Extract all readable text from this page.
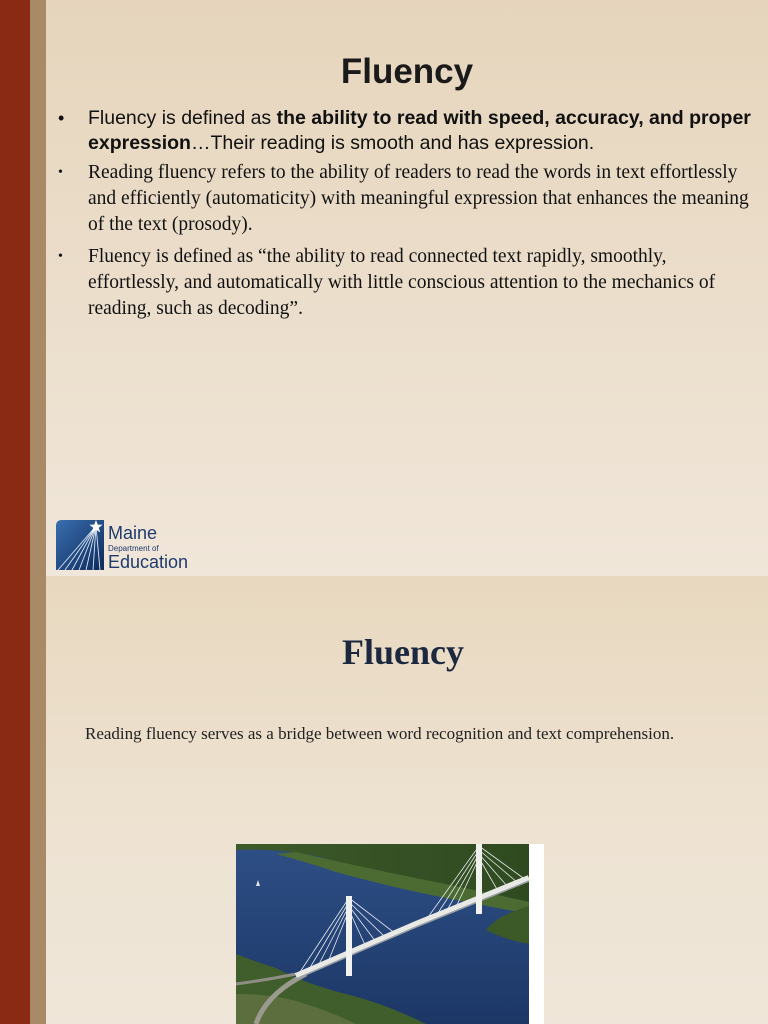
Fluency
• Fluency is defined as the ability to read with speed, accuracy, and proper expression…Their reading is smooth and has expression.
• Reading fluency refers to the ability of readers to read the words in text effortlessly and efficiently (automaticity) with meaningful expression that enhances the meaning of the text (prosody).
• Fluency is defined as “the ability to read connected text rapidly, smoothly, effortlessly, and automatically with little conscious attention to the mechanics of reading, such as decoding”.
Maine
Department of
Education
Fluency

Reading fluency serves as a bridge between word recognition and text comprehension.
